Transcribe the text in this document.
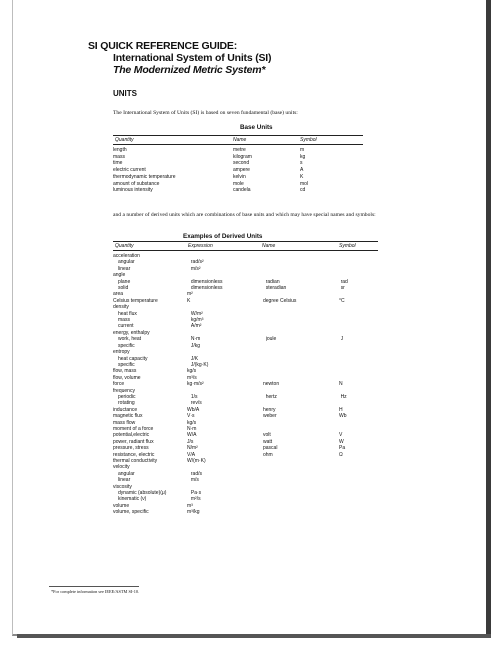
SI QUICK REFERENCE GUIDE:
International System of Units (SI)
The Modernized Metric System*
UNITS
The International System of Units (SI) is based on seven fundamental (base) units:
Base Units
Quantity	Name	Symbol
length	metre	m
mass	kilogram	kg
time	second	s
electric current	ampere	A
thermodynamic temperature	kelvin	K
amount of substance	mole	mol
luminous intensity	candela	cd
and a number of derived units which are combinations of base units and which may have special names and symbols:
Examples of Derived Units
Quantity	Expression	Name	Symbol
acceleration
angular	rad/s²
linear	m/s²
angle
plane	dimensionless	radian	rad
solid	dimensionless	steradian	sr
area	m²
Celsius temperature	K	degree Celsius	°C
density
heat flux	W/m²
mass	kg/m³
current	A/m²
energy, enthalpy
work, heat	N·m	joule	J
specific	J/kg
entropy
heat capacity	J/K
specific	J/(kg·K)
flow, mass	kg/s
flow, volume	m³/s
force	kg·m/s²	newton	N
frequency
periodic	1/s	hertz	Hz
rotating	rev/s
inductance	Wb/A	henry	H
magnetic flux	V·s	weber	Wb
mass flow	kg/s
moment of a force	N·m
potential,electric	W/A	volt	V
power, radiant flux	J/s	watt	W
pressure, stress	N/m²	pascal	Pa
resistance, electric	V/A	ohm	Ω
thermal conductivity	W/(m·K)
velocity
angular	rad/s
linear	m/s
viscosity
dynamic (absolute)(μ)	Pa·s
kinematic (ν)	m²/s
volume	m³
volume, specific	m³/kg
*For complete information see IEEE/ASTM SI-10.
